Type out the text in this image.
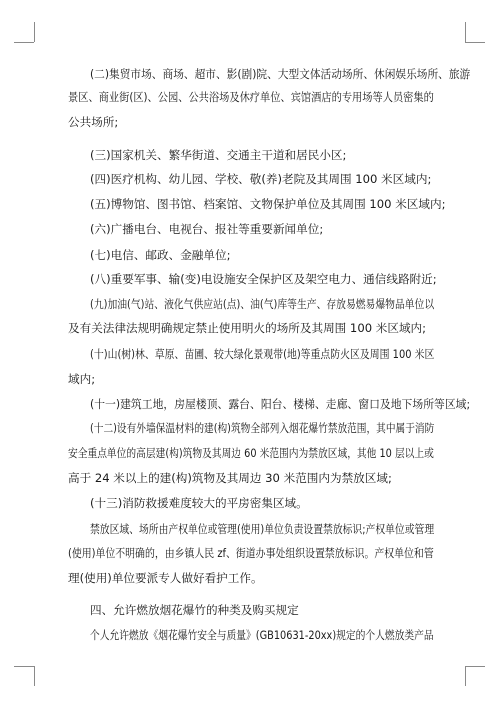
(二)集贸市场、商场、超市、影(剧)院、大型文体活动场所、休闲娱乐场所、旅游
景区、商业街(区)、公园、公共浴场及休疗单位、宾馆酒店的专用场等人员密集的
公共场所;
(三)国家机关、繁华街道、交通主干道和居民小区;
(四)医疗机构、幼儿园、学校、敬(养)老院及其周围 100 米区域内;
(五)博物馆、图书馆、档案馆、文物保护单位及其周围 100 米区域内;
(六)广播电台、电视台、报社等重要新闻单位;
(七)电信、邮政、金融单位;
(八)重要军事、输(变)电设施安全保护区及架空电力、通信线路附近;
(九)加油(气)站、液化气供应站(点)、油(气)库等生产、存放易燃易爆物品单位以
及有关法律法规明确规定禁止使用明火的场所及其周围 100 米区域内;
(十)山(树)林、草原、苗圃、较大绿化景观带(地)等重点防火区及周围 100 米区
域内;
(十一)建筑工地，房屋楼顶、露台、阳台、楼梯、走廊、窗口及地下场所等区域;
(十二)设有外墙保温材料的建(构)筑物全部列入烟花爆竹禁放范围，其中属于消防
安全重点单位的高层建(构)筑物及其周边 60 米范围内为禁放区域，其他 10 层以上或
高于 24 米以上的建(构)筑物及其周边 30 米范围内为禁放区域;
(十三)消防救援难度较大的平房密集区域。
禁放区域、场所由产权单位或管理(使用)单位负责设置禁放标识;产权单位或管理
(使用)单位不明确的，由乡镇人民 zf、街道办事处组织设置禁放标识。产权单位和管
理(使用)单位要派专人做好看护工作。
四、允许燃放烟花爆竹的种类及购买规定
个人允许燃放《烟花爆竹安全与质量》(GB10631-20xx)规定的个人燃放类产品
